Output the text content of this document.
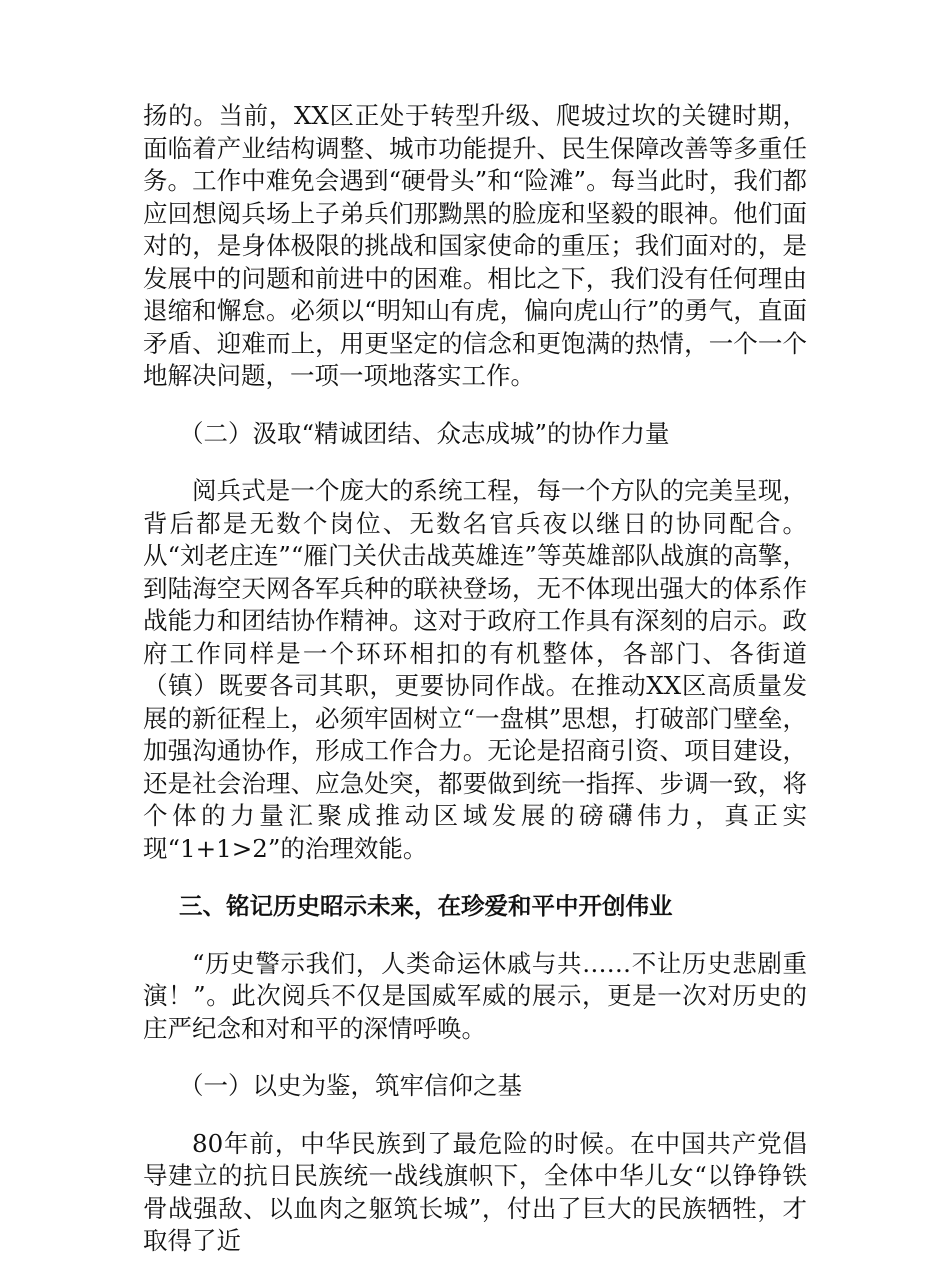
扬的。当前，XX区正处于转型升级、爬坡过坎的关键时期，面临着产业结构调整、城市功能提升、民生保障改善等多重任务。工作中难免会遇到“硬骨头”和“险滩”。每当此时，我们都应回想阅兵场上子弟兵们那黝黑的脸庞和坚毅的眼神。他们面对的，是身体极限的挑战和国家使命的重压；我们面对的，是发展中的问题和前进中的困难。相比之下，我们没有任何理由退缩和懈怠。必须以“明知山有虎，偏向虎山行”的勇气，直面矛盾、迎难而上，用更坚定的信念和更饱满的热情，一个一个地解决问题，一项一项地落实工作。

（二）汲取“精诚团结、众志成城”的协作力量

阅兵式是一个庞大的系统工程，每一个方队的完美呈现，背后都是无数个岗位、无数名官兵夜以继日的协同配合。从“刘老庄连”“雁门关伏击战英雄连”等英雄部队战旗的高擎，到陆海空天网各军兵种的联袂登场，无不体现出强大的体系作战能力和团结协作精神。这对于政府工作具有深刻的启示。政府工作同样是一个环环相扣的有机整体，各部门、各街道（镇）既要各司其职，更要协同作战。在推动XX区高质量发展的新征程上，必须牢固树立“一盘棋”思想，打破部门壁垒，加强沟通协作，形成工作合力。无论是招商引资、项目建设，还是社会治理、应急处突，都要做到统一指挥、步调一致，将个体的力量汇聚成推动区域发展的磅礴伟力，真正实现“1+1>2”的治理效能。

三、铭记历史昭示未来，在珍爱和平中开创伟业

“历史警示我们，人类命运休戚与共……不让历史悲剧重演！”。此次阅兵不仅是国威军威的展示，更是一次对历史的庄严纪念和对和平的深情呼唤。

（一）以史为鉴，筑牢信仰之基

80年前，中华民族到了最危险的时候。在中国共产党倡导建立的抗日民族统一战线旗帜下，全体中华儿女“以铮铮铁骨战强敌、以血肉之躯筑长城”，付出了巨大的民族牺牲，才取得了近
